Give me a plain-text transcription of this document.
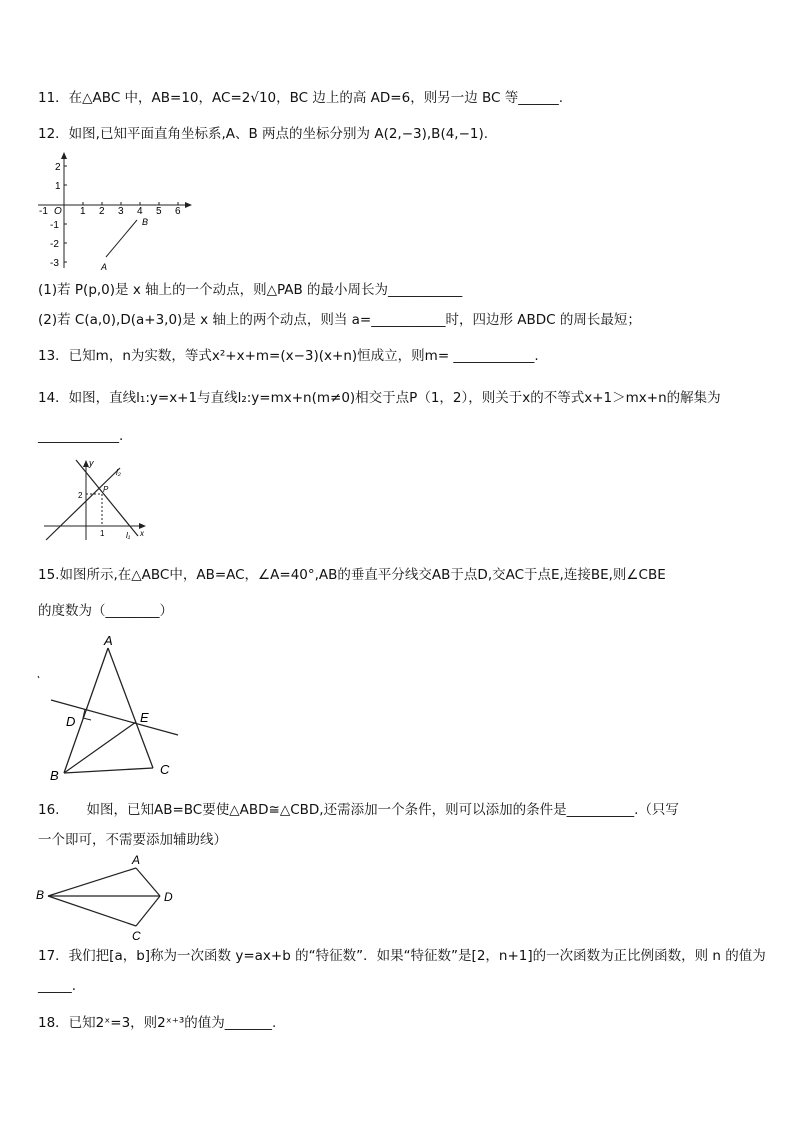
11．在△ABC 中，AB=10，AC=2√10，BC 边上的高 AD=6，则另一边 BC 等______.
12．如图,已知平面直角坐标系,A、B 两点的坐标分别为 A(2,−3),B(4,−1).
-1 O 1 2 3 4 5 6
2
1
-1
-2
-3	A
B
(1)若 P(p,0)是 x 轴上的一个动点，则△PAB 的最小周长为___________
(2)若 C(a,0),D(a+3,0)是 x 轴上的两个动点，则当 a=___________时，四边形 ABDC 的周长最短；
13．已知m，n为实数，等式x²+x+m=(x−3)(x+n)恒成立，则m= ____________.
14．如图，直线l₁:y=x+1与直线l₂:y=mx+n(m≠0)相交于点P（1，2），则关于x的不等式x+1＞mx+n的解集为
____________.
y
l₂
2
P
1	l₁ x
15.如图所示,在△ABC中，AB=AC，∠A=40°,AB的垂直平分线交AB于点D,交AC于点E,连接BE,则∠CBE
的度数为（________）
A
D	E
B	C
16.　　如图，已知AB=BC要使△ABD≅△CBD,还需添加一个条件，则可以添加的条件是__________.（只写
一个即可，不需要添加辅助线）
A
B	D
C
17．我们把[a，b]称为一次函数 y=ax+b 的“特征数”．如果“特征数”是[2，n+1]的一次函数为正比例函数，则 n 的值为
_____.
18．已知2ˣ=3，则2ˣ⁺³的值为_______.
